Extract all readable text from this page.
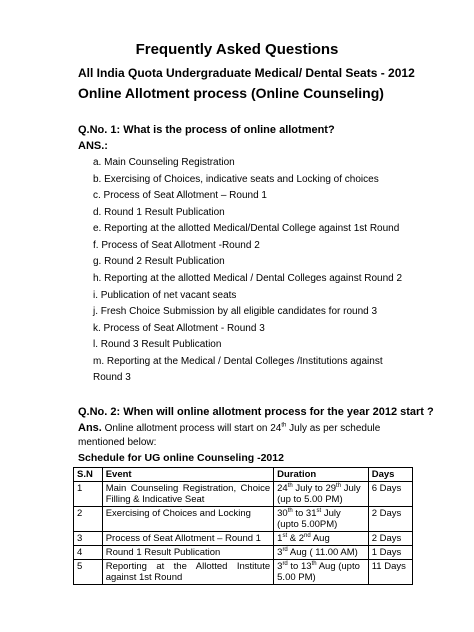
Frequently Asked Questions
All India Quota Undergraduate Medical/ Dental Seats - 2012
Online Allotment process (Online Counseling)
Q.No. 1: What is the process of online allotment?
ANS.:
a. Main Counseling Registration
b. Exercising of Choices, indicative seats and Locking of choices
c. Process of Seat Allotment – Round 1
d. Round 1 Result Publication
e. Reporting at the allotted Medical/Dental College against 1st Round
f. Process of Seat Allotment -Round 2
g. Round 2 Result Publication
h. Reporting at the allotted Medical / Dental Colleges against Round 2
i. Publication of net vacant seats
j. Fresh Choice Submission by all eligible candidates for round 3
k. Process of Seat Allotment - Round 3
l. Round 3 Result Publication
m. Reporting at the Medical / Dental Colleges /Institutions against
Round 3
Q.No. 2: When will online allotment process for the year 2012 start ?
Ans. Online allotment process will start on 24th July as per schedule mentioned below:
Schedule for UG online Counseling -2012
S.N	Event	Duration	Days
1	Main Counseling Registration, Choice Filling & Indicative Seat	24th July to 29th July (up to 5.00 PM)	6 Days
2	Exercising of Choices and Locking	30th to 31st July (upto 5.00PM)	2 Days
3	Process of Seat Allotment – Round 1	1st & 2nd Aug	2 Days
4	Round 1 Result Publication	3rd Aug ( 11.00 AM)	1 Days
5	Reporting at the Allotted Institute against 1st Round	3rd to 13th Aug (upto 5.00 PM)	11 Days
